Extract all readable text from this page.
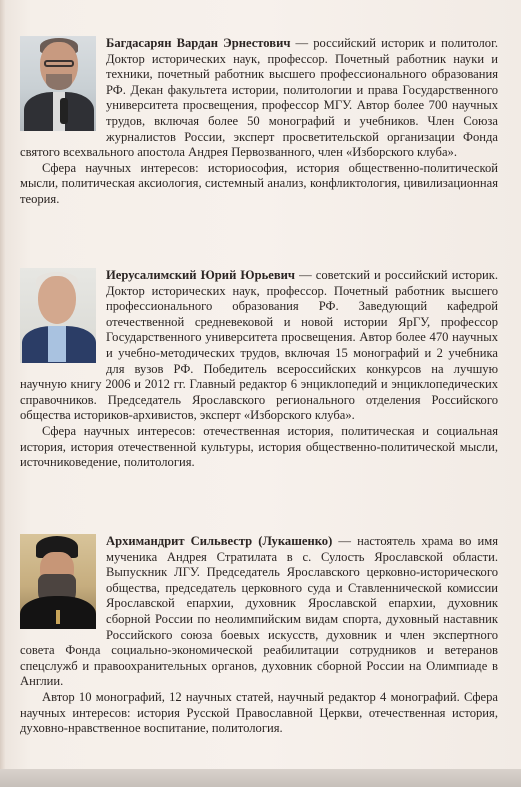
Багдасарян Вардан Эрнестович — российский историк и политолог. Доктор исторических наук, профессор. Почетный работник науки и техники, почетный работник высшего профессионального образования РФ. Декан факультета истории, политологии и права Государственного университета просвещения, профессор МГУ. Автор более 700 научных трудов, включая более 50 монографий и учебников. Член Союза журналистов России, эксперт просветительской организации Фонда святого всехвального апостола Андрея Первозванного, член «Изборского клуба».

Сфера научных интересов: историософия, история общественно-политической мысли, политическая аксиология, системный анализ, конфликтология, цивилизационная теория.

Иерусалимский Юрий Юрьевич — советский и российский историк. Доктор исторических наук, профессор. Почетный работник высшего профессионального образования РФ. Заведующий кафедрой отечественной средневековой и новой истории ЯрГУ, профессор Государственного университета просвещения. Автор более 470 научных и учебно-методических трудов, включая 15 монографий и 2 учебника для вузов РФ. Победитель всероссийских конкурсов на лучшую научную книгу 2006 и 2012 гг. Главный редактор 6 энциклопедий и энциклопедических справочников. Председатель Ярославского регионального отделения Российского общества историков-архивистов, эксперт «Изборского клуба».

Сфера научных интересов: отечественная история, политическая и социальная история, история отечественной культуры, история общественно-политической мысли, источниковедение, политология.

Архимандрит Сильвестр (Лукашенко) — настоятель храма во имя мученика Андрея Стратилата в с. Сулость Ярославской области. Выпускник ЛГУ. Председатель Ярославского церковно-исторического общества, председатель церковного суда и Ставленнической комиссии Ярославской епархии, духовник Ярославской епархии, духовник сборной России по неолимпийским видам спорта, духовный наставник Российского союза боевых искусств, духовник и член экспертного совета Фонда социально-экономической реабилитации сотрудников и ветеранов спецслужб и правоохранительных органов, духовник сборной России на Олимпиаде в Англии.

Автор 10 монографий, 12 научных статей, научный редактор 4 монографий. Сфера научных интересов: история Русской Православной Церкви, отечественная история, духовно-нравственное воспитание, политология.
